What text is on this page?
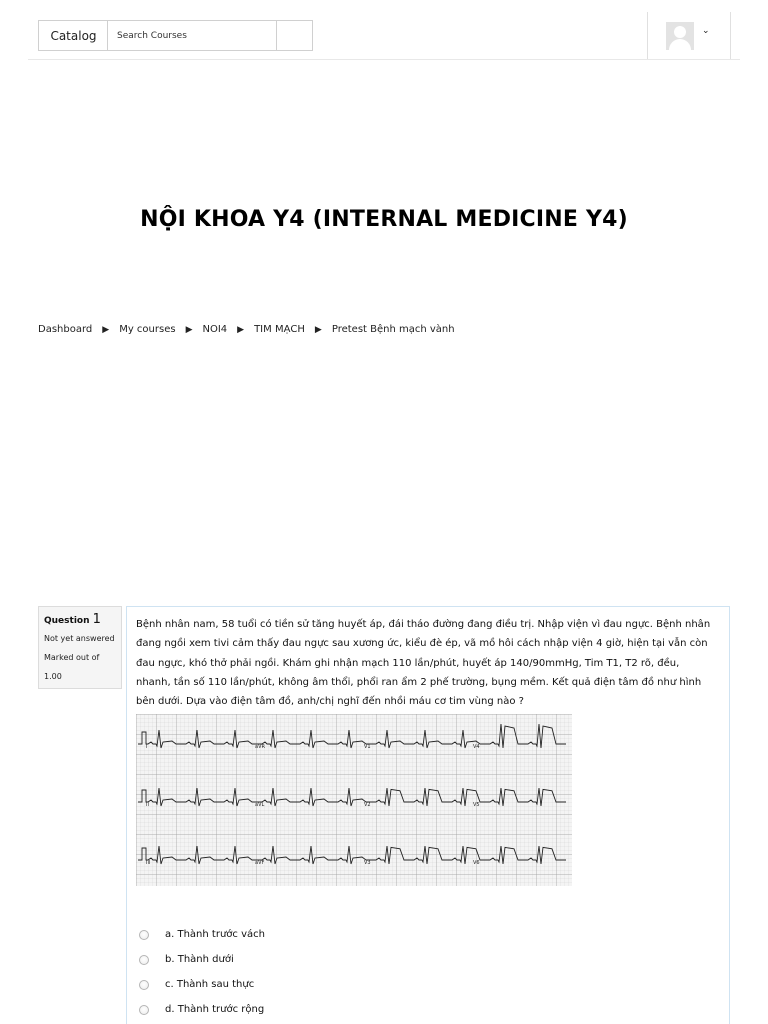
Catalog
Search Courses	⌄
NỘI KHOA Y4 (INTERNAL MEDICINE Y4)
Dashboard ▶ My courses ▶ NOI4 ▶ TIM MẠCH ▶ Pretest Bệnh mạch vành
Question 1
Not yet answered
Marked out of 1.00
Bệnh nhân nam, 58 tuổi có tiền sử tăng huyết áp, đái tháo đường đang điều trị. Nhập viện vì đau ngực. Bệnh nhân đang ngồi xem tivi cảm thấy đau ngực sau xương ức, kiểu đè ép, vã mồ hôi cách nhập viện 4 giờ, hiện tại vẫn còn đau ngực, khó thở phải ngồi. Khám ghi nhận mạch 110 lần/phút, huyết áp 140/90mmHg, Tim T1, T2 rõ, đều, nhanh, tần số 110 lần/phút, không âm thổi, phổi ran ẩm 2 phế trường, bụng mềm. Kết quả điện tâm đồ như hình bên dưới. Dựa vào điện tâm đồ, anh/chị nghĩ đến nhồi máu cơ tim vùng nào ?
I	aVR	V1	V4
II	aVL	V2	V5
III	aVF	V3	V6
a. Thành trước vách
b. Thành dưới
c. Thành sau thực
d. Thành trước rộng
